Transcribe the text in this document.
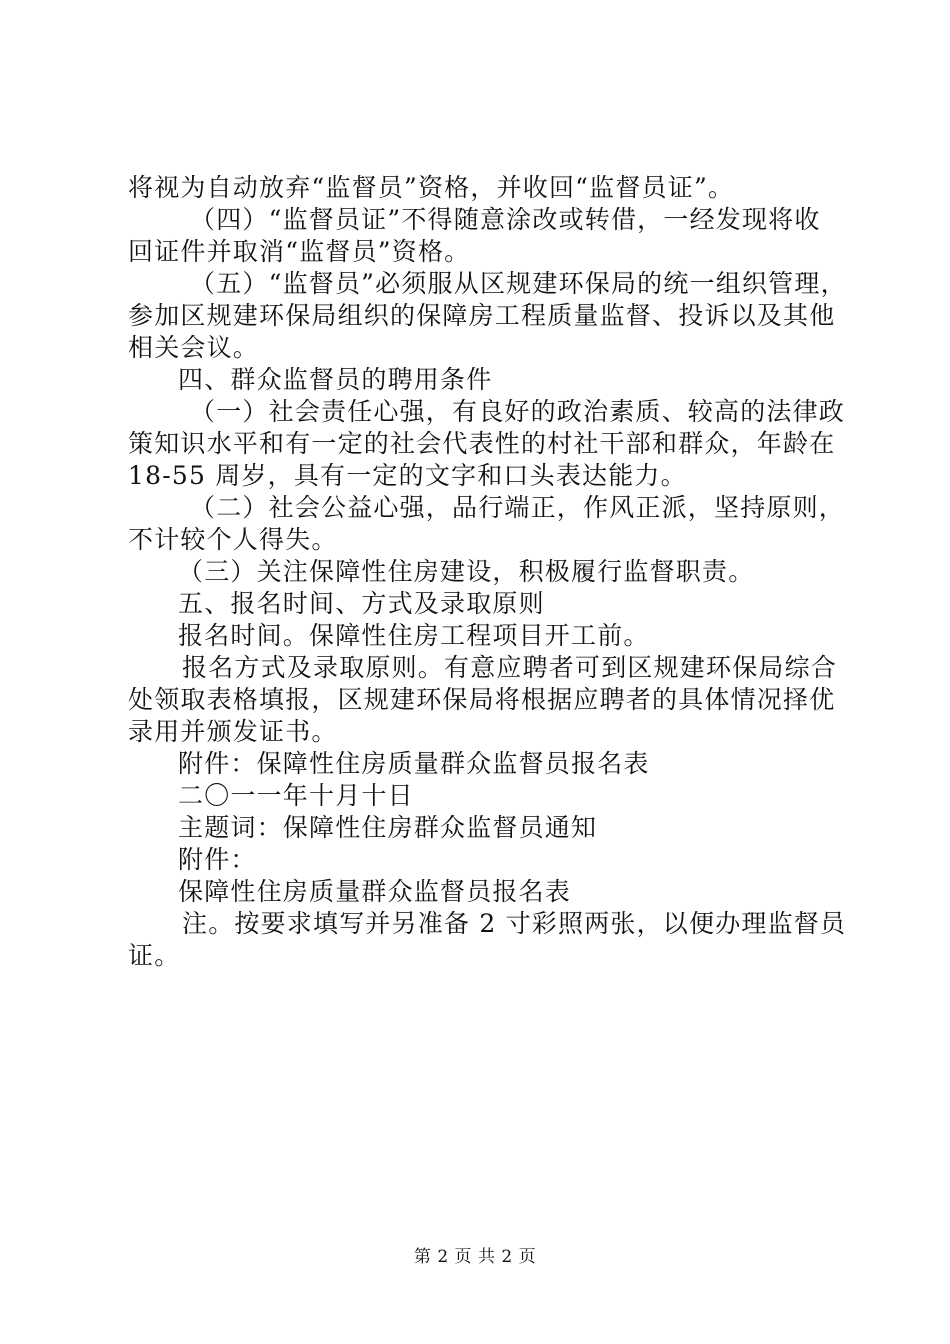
将视为自动放弃“监督员”资格，并收回“监督员证”。
（四）“监督员证”不得随意涂改或转借，一经发现将收
回证件并取消“监督员”资格。
（五）“监督员”必须服从区规建环保局的统一组织管理，
参加区规建环保局组织的保障房工程质量监督、投诉以及其他
相关会议。
四、群众监督员的聘用条件
（一）社会责任心强，有良好的政治素质、较高的法律政
策知识水平和有一定的社会代表性的村社干部和群众，年龄在
18-55 周岁，具有一定的文字和口头表达能力。
（二）社会公益心强，品行端正，作风正派，坚持原则，
不计较个人得失。
（三）关注保障性住房建设，积极履行监督职责。
五、报名时间、方式及录取原则
报名时间。保障性住房工程项目开工前。
报名方式及录取原则。有意应聘者可到区规建环保局综合
处领取表格填报，区规建环保局将根据应聘者的具体情况择优
录用并颁发证书。
附件：保障性住房质量群众监督员报名表
二〇一一年十月十日
主题词：保障性住房群众监督员通知
附件：
保障性住房质量群众监督员报名表
注。按要求填写并另准备 2 寸彩照两张，以便办理监督员
证。
第 2 页 共 2 页
